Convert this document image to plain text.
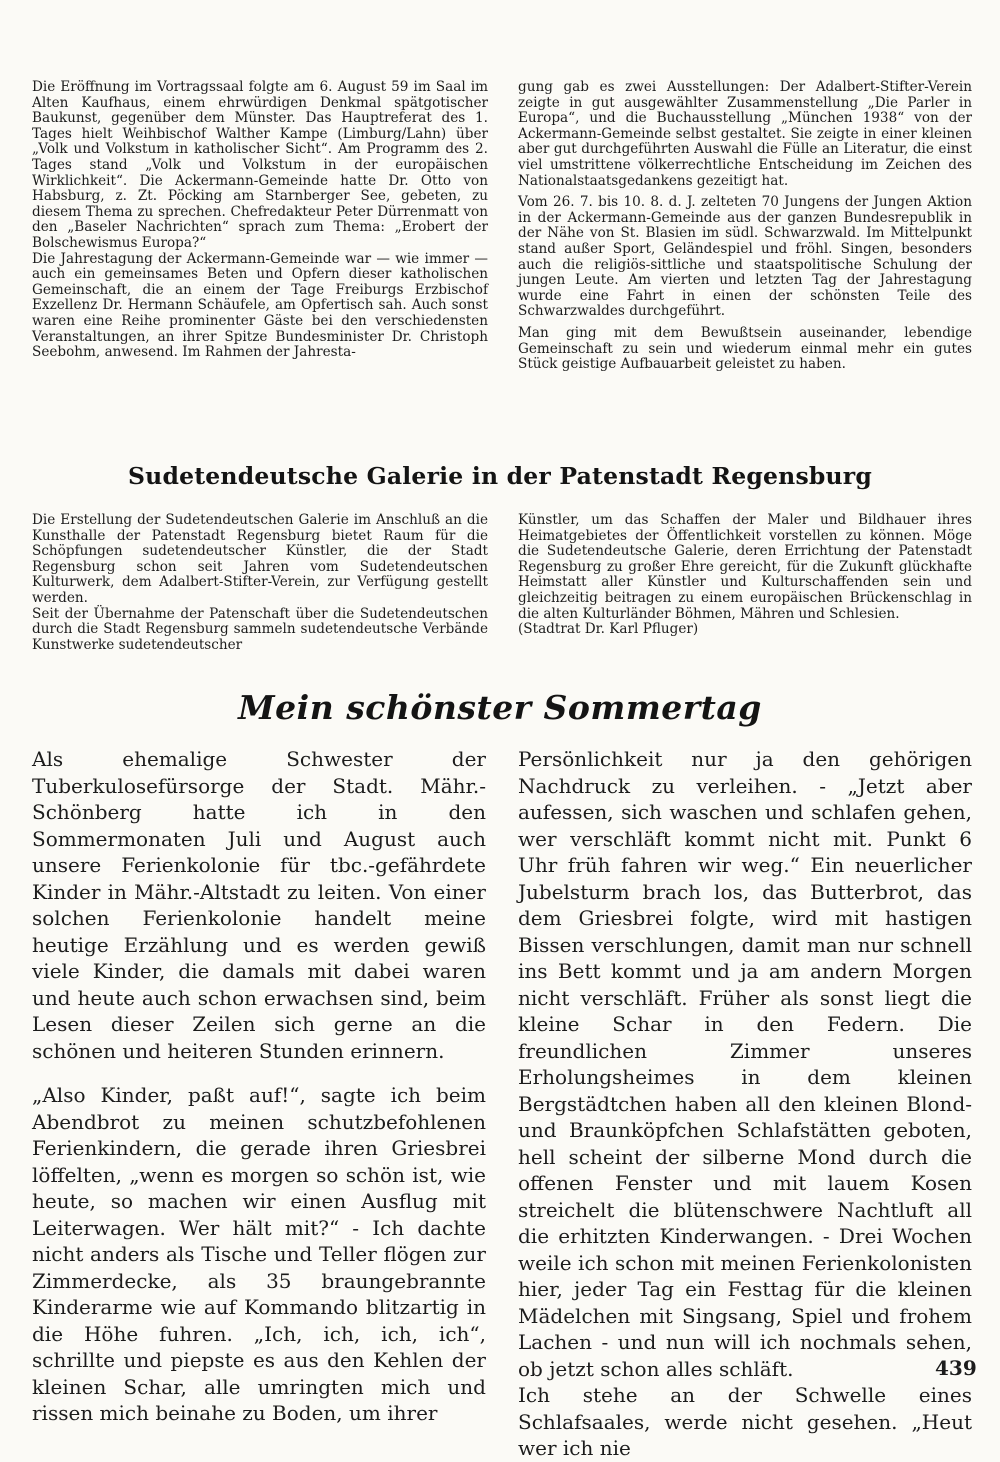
Die Eröffnung im Vortragssaal folgte am 6. August 59 im Saal im Alten Kaufhaus, einem ehrwürdigen Denkmal spätgotischer Baukunst, gegenüber dem Münster. Das Hauptreferat des 1. Tages hielt Weihbischof Walther Kampe (Limburg/Lahn) über „Volk und Volkstum in katholischer Sicht“. Am Programm des 2. Tages stand „Volk und Volkstum in der europäischen Wirklichkeit“. Die Ackermann-Gemeinde hatte Dr. Otto von Habsburg, z. Zt. Pöcking am Starnberger See, gebeten, zu diesem Thema zu sprechen. Chefredakteur Peter Dürrenmatt von den „Baseler Nachrichten“ sprach zum Thema: „Erobert der Bolschewismus Europa?“

Die Jahrestagung der Ackermann-Gemeinde war — wie immer — auch ein gemeinsames Beten und Opfern dieser katholischen Gemeinschaft, die an einem der Tage Freiburgs Erzbischof Exzellenz Dr. Hermann Schäufele, am Opfertisch sah. Auch sonst waren eine Reihe prominenter Gäste bei den verschiedensten Veranstaltungen, an ihrer Spitze Bundesminister Dr. Christoph Seebohm, anwesend. Im Rahmen der Jahresta-

gung gab es zwei Ausstellungen: Der Adalbert-Stifter-Verein zeigte in gut ausgewählter Zusammenstellung „Die Parler in Europa“, und die Buchausstellung „München 1938“ von der Ackermann-Gemeinde selbst gestaltet. Sie zeigte in einer kleinen aber gut durchgeführten Auswahl die Fülle an Literatur, die einst viel umstrittene völkerrechtliche Entscheidung im Zeichen des Nationalstaatsgedankens gezeitigt hat.

Vom 26. 7. bis 10. 8. d. J. zelteten 70 Jungens der Jungen Aktion in der Ackermann-Gemeinde aus der ganzen Bundesrepublik in der Nähe von St. Blasien im südl. Schwarzwald. Im Mittelpunkt stand außer Sport, Geländespiel und fröhl. Singen, besonders auch die religiös-sittliche und staatspolitische Schulung der jungen Leute. Am vierten und letzten Tag der Jahrestagung wurde eine Fahrt in einen der schönsten Teile des Schwarzwaldes durchgeführt.

Man ging mit dem Bewußtsein auseinander, lebendige Gemeinschaft zu sein und wiederum einmal mehr ein gutes Stück geistige Aufbauarbeit geleistet zu haben.

Sudetendeutsche Galerie in der Patenstadt Regensburg

Die Erstellung der Sudetendeutschen Galerie im Anschluß an die Kunsthalle der Patenstadt Regensburg bietet Raum für die Schöpfungen sudetendeutscher Künstler, die der Stadt Regensburg schon seit Jahren vom Sudetendeutschen Kulturwerk, dem Adalbert-Stifter-Verein, zur Verfügung gestellt werden.

Seit der Übernahme der Patenschaft über die Sudetendeutschen durch die Stadt Regensburg sammeln sudetendeutsche Verbände Kunstwerke sudetendeutscher

Künstler, um das Schaffen der Maler und Bildhauer ihres Heimatgebietes der Öffentlichkeit vorstellen zu können. Möge die Sudetendeutsche Galerie, deren Errichtung der Patenstadt Regensburg zu großer Ehre gereicht, für die Zukunft glückhafte Heimstatt aller Künstler und Kulturschaffenden sein und gleichzeitig beitragen zu einem europäischen Brückenschlag in die alten Kulturländer Böhmen, Mähren und Schlesien.

(Stadtrat Dr. Karl Pfluger)

Mein schönster Sommertag

Als ehemalige Schwester der Tuberkulosefürsorge der Stadt. Mähr.-Schönberg hatte ich in den Sommermonaten Juli und August auch unsere Ferienkolonie für tbc.-gefährdete Kinder in Mähr.-Altstadt zu leiten. Von einer solchen Ferienkolonie handelt meine heutige Erzählung und es werden gewiß viele Kinder, die damals mit dabei waren und heute auch schon erwachsen sind, beim Lesen dieser Zeilen sich gerne an die schönen und heiteren Stunden erinnern.

„Also Kinder, paßt auf!“, sagte ich beim Abendbrot zu meinen schutzbefohlenen Ferienkindern, die gerade ihren Griesbrei löffelten, „wenn es morgen so schön ist, wie heute, so machen wir einen Ausflug mit Leiterwagen. Wer hält mit?“ - Ich dachte nicht anders als Tische und Teller flögen zur Zimmerdecke, als 35 braungebrannte Kinderarme wie auf Kommando blitzartig in die Höhe fuhren. „Ich, ich, ich, ich“, schrillte und piepste es aus den Kehlen der kleinen Schar, alle umringten mich und rissen mich beinahe zu Boden, um ihrer

Persönlichkeit nur ja den gehörigen Nachdruck zu verleihen. - „Jetzt aber aufessen, sich waschen und schlafen gehen, wer verschläft kommt nicht mit. Punkt 6 Uhr früh fahren wir weg.“ Ein neuerlicher Jubelsturm brach los, das Butterbrot, das dem Griesbrei folgte, wird mit hastigen Bissen verschlungen, damit man nur schnell ins Bett kommt und ja am andern Morgen nicht verschläft. Früher als sonst liegt die kleine Schar in den Federn. Die freundlichen Zimmer unseres Erholungsheimes in dem kleinen Bergstädtchen haben all den kleinen Blond- und Braunköpfchen Schlafstätten geboten, hell scheint der silberne Mond durch die offenen Fenster und mit lauem Kosen streichelt die blütenschwere Nachtluft all die erhitzten Kinderwangen. - Drei Wochen weile ich schon mit meinen Ferienkolonisten hier, jeder Tag ein Festtag für die kleinen Mädelchen mit Singsang, Spiel und frohem Lachen - und nun will ich nochmals sehen, ob jetzt schon alles schläft.

Ich stehe an der Schwelle eines Schlafsaales, werde nicht gesehen. „Heut wer ich nie

439
